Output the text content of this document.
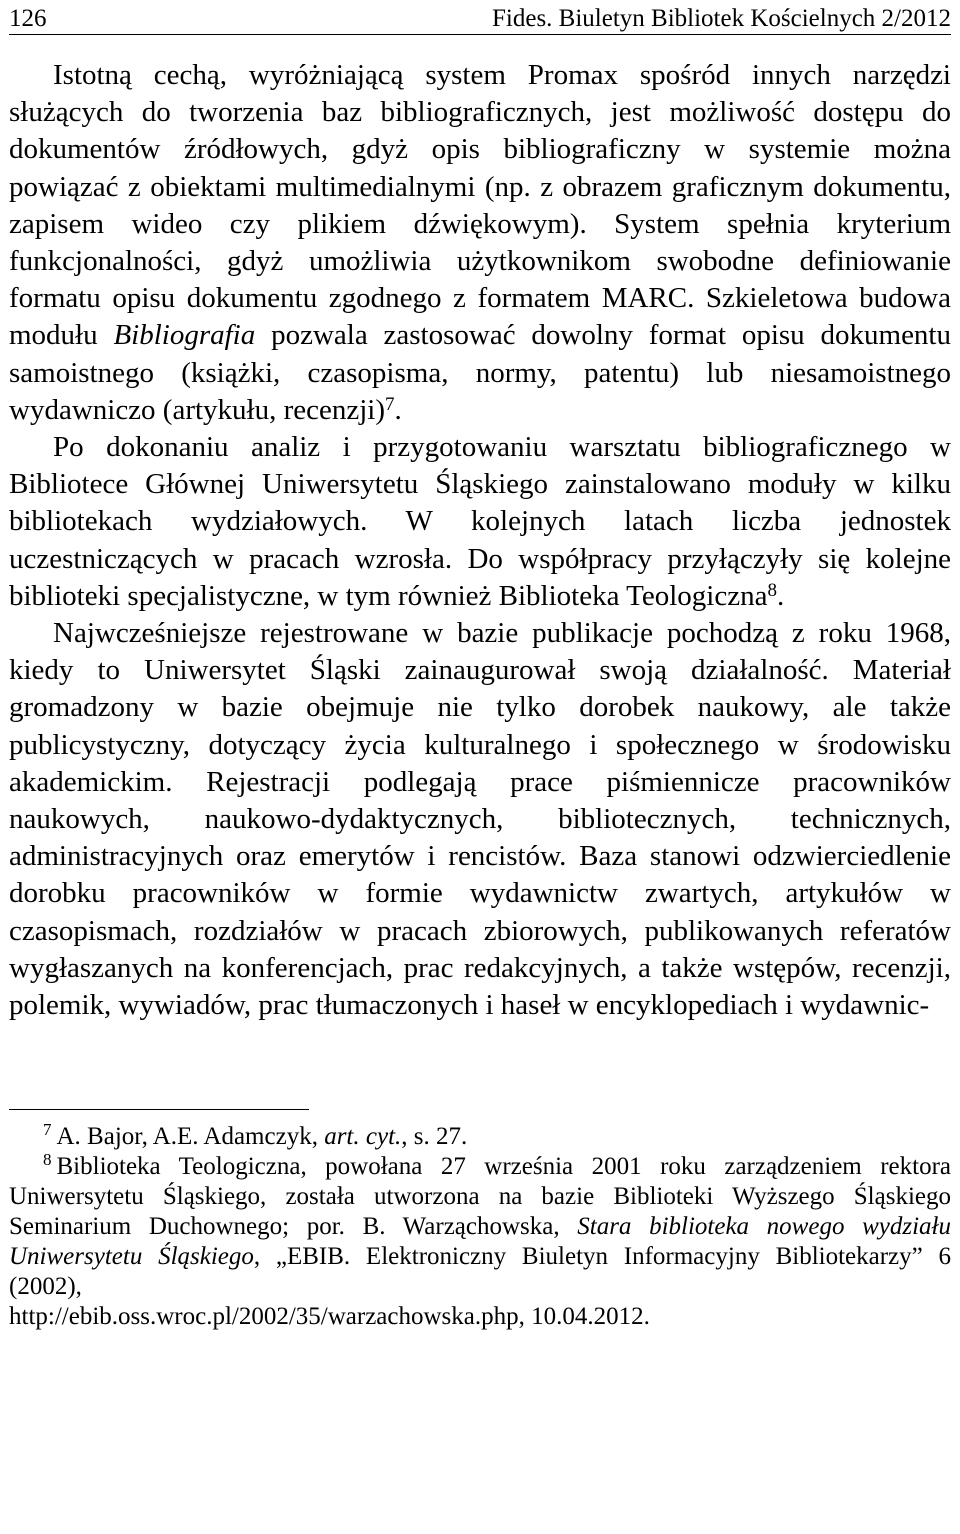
126	Fides. Biuletyn Bibliotek Kościelnych 2/2012

Istotną cechą, wyróżniającą system Promax spośród innych narzędzi służących do tworzenia baz bibliograficznych, jest możliwość dostępu do dokumentów źródłowych, gdyż opis bibliograficzny w systemie można powiązać z obiektami multimedialnymi (np. z obrazem graficznym dokumentu, zapisem wideo czy plikiem dźwiękowym). System spełnia kryterium funkcjonalności, gdyż umożliwia użytkownikom swobodne definiowanie formatu opisu dokumentu zgodnego z formatem MARC. Szkieletowa budowa modułu Bibliografia pozwala zastosować dowolny format opisu dokumentu samoistnego (książki, czasopisma, normy, patentu) lub niesamoistnego wydawniczo (artykułu, recenzji)$^7$.

Po dokonaniu analiz i przygotowaniu warsztatu bibliograficznego w Bibliotece Głównej Uniwersytetu Śląskiego zainstalowano moduły w kilku bibliotekach wydziałowych. W kolejnych latach liczba jednostek uczestniczących w pracach wzrosła. Do współpracy przyłączyły się kolejne biblioteki specjalistyczne, w tym również Biblioteka Teologiczna$^8$.

Najwcześniejsze rejestrowane w bazie publikacje pochodzą z roku 1968, kiedy to Uniwersytet Śląski zainaugurował swoją działalność. Materiał gromadzony w bazie obejmuje nie tylko dorobek naukowy, ale także publicystyczny, dotyczący życia kulturalnego i społecznego w środowisku akademickim. Rejestracji podlegają prace piśmiennicze pracowników naukowych, naukowo-dydaktycznych, bibliotecznych, technicznych, administracyjnych oraz emerytów i rencistów. Baza stanowi odzwierciedlenie dorobku pracowników w formie wydawnictw zwartych, artykułów w czasopismach, rozdziałów w pracach zbiorowych, publikowanych referatów wygłaszanych na konferencjach, prac redakcyjnych, a także wstępów, recenzji, polemik, wywiadów, prac tłumaczonych i haseł w encyklopediach i wydawnic-

$^7$ A. Bajor, A.E. Adamczyk, art. cyt., s. 27.

$^8$ Biblioteka Teologiczna, powołana 27 września 2001 roku zarządzeniem rektora Uniwersytetu Śląskiego, została utworzona na bazie Biblioteki Wyższego Śląskiego Seminarium Duchownego; por. B. Warząchowska, Stara biblioteka nowego wydziału Uniwersytetu Śląskiego, „EBIB. Elektroniczny Biuletyn Informacyjny Bibliotekarzy” 6 (2002),

http://ebib.oss.wroc.pl/2002/35/warzachowska.php, 10.04.2012.
